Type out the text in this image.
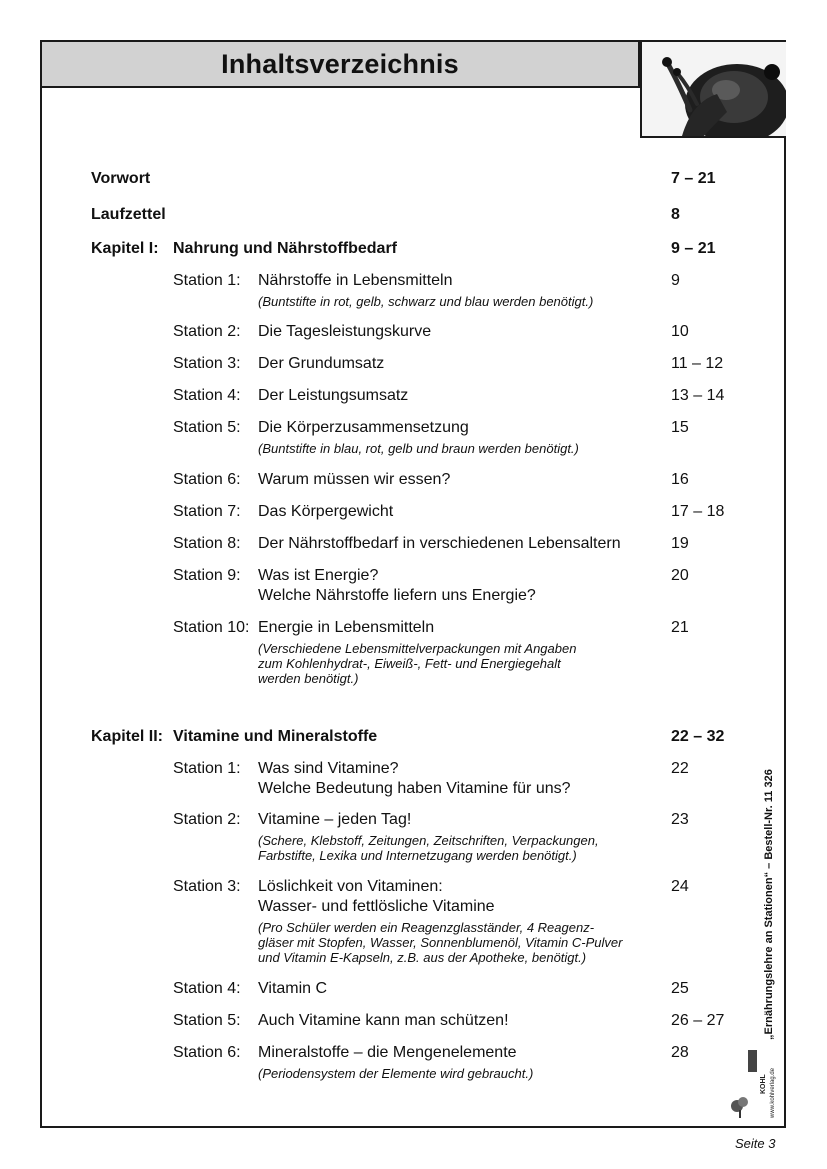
Inhaltsverzeichnis
Vorwort	7 – 21
Laufzettel	8
Kapitel I: Nahrung und Nährstoffbedarf	9 – 21
Station 1: Nährstoffe in Lebensmitteln	9
(Buntstifte in rot, gelb, schwarz und blau werden benötigt.)
Station 2: Die Tagesleistungskurve	10
Station 3: Der Grundumsatz	11 – 12
Station 4: Der Leistungsumsatz	13 – 14
Station 5: Die Körperzusammensetzung	15
(Buntstifte in blau, rot, gelb und braun werden benötigt.)
Station 6: Warum müssen wir essen?	16
Station 7: Das Körpergewicht	17 – 18
Station 8: Der Nährstoffbedarf in verschiedenen Lebensaltern	19
Station 9: Was ist Energie?	20
Welche Nährstoffe liefern uns Energie?
Station 10: Energie in Lebensmitteln	21
(Verschiedene Lebensmittelverpackungen mit Angaben
zum Kohlenhydrat-, Eiweiß-, Fett- und Energiegehalt
werden benötigt.)
Kapitel II: Vitamine und Mineralstoffe	22 – 32
Station 1: Was sind Vitamine?	22
Welche Bedeutung haben Vitamine für uns?
Station 2: Vitamine – jeden Tag!	23
(Schere, Klebstoff, Zeitungen, Zeitschriften, Verpackungen,
Farbstifte, Lexika und Internetzugang werden benötigt.)
Station 3: Löslichkeit von Vitaminen:	24
Wasser- und fettlösliche Vitamine
(Pro Schüler werden ein Reagenzglasständer, 4 Reagenz-
gläser mit Stopfen, Wasser, Sonnenblumenöl, Vitamin C-Pulver
und Vitamin E-Kapseln, z.B. aus der Apotheke, benötigt.)
Station 4: Vitamin C	25
Station 5: Auch Vitamine kann man schützen!	26 – 27
Station 6: Mineralstoffe – die Mengenelemente	28
(Periodensystem der Elemente wird gebraucht.)
„Ernährungslehre an Stationen“ – Bestell-Nr. 11 326
www.kohlverlag.de
KOHL
Seite 3
